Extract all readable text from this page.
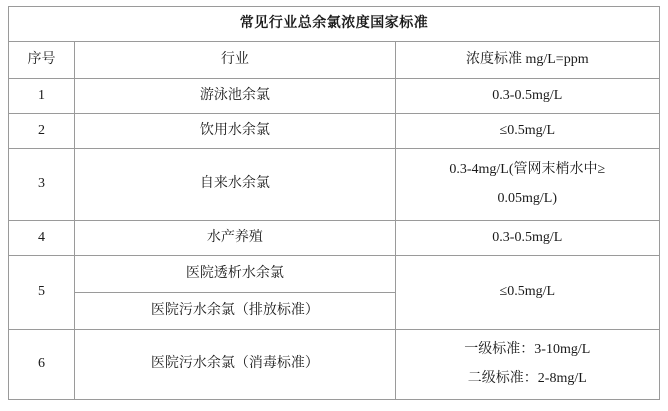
常见行业总余氯浓度国家标准		
序号	行业	浓度标准 mg/L=ppm
1	游泳池余氯	0.3-0.5mg/L
2	饮用水余氯	≤0.5mg/L
3	自来水余氯	0.3-4mg/L(管网末梢水中≥
0.05mg/L)

4	水产养殖	0.3-0.5mg/L
5	医院透析水余氯	≤0.5mg/L
	医院污水余氯（排放标准）	
6	医院污水余氯（消毒标准）	一级标准：3-10mg/L
二级标准：2-8mg/L
